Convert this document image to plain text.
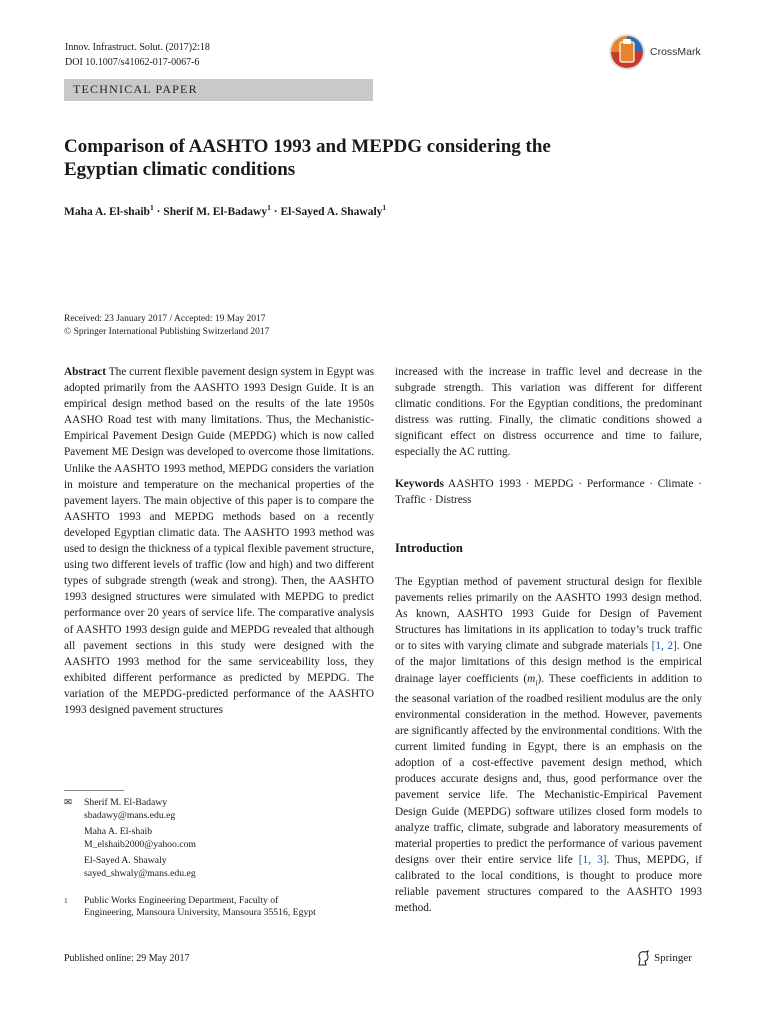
Innov. Infrastruct. Solut. (2017)2:18
DOI 10.1007/s41062-017-0067-6
CrossMark
TECHNICAL PAPER
Comparison of AASHTO 1993 and MEPDG considering the Egyptian climatic conditions
Maha A. El-shaib$^1$ · Sherif M. El-Badawy$^1$ · El-Sayed A. Shawaly$^1$
Received: 23 January 2017 / Accepted: 19 May 2017
© Springer International Publishing Switzerland 2017

Abstract The current flexible pavement design system in Egypt was adopted primarily from the AASHTO 1993 Design Guide. It is an empirical design method based on the results of the late 1950s AASHO Road test with many limitations. Thus, the Mechanistic-Empirical Pavement Design Guide (MEPDG) which is now called Pavement ME Design was developed to overcome those limitations. Unlike the AASHTO 1993 method, MEPDG considers the variation in moisture and temperature on the mechanical properties of the pavement layers. The main objective of this paper is to compare the AASHTO 1993 and MEPDG methods based on a recently developed Egyptian climatic data. The AASHTO 1993 method was used to design the thickness of a typical flexible pavement structure, using two different levels of traffic (low and high) and two different types of subgrade strength (weak and strong). Then, the AASHTO 1993 designed structures were simulated with MEPDG to predict performance over 20 years of service life. The comparative analysis of AASHTO 1993 design guide and MEPDG revealed that although all pavement sections in this study were designed with the AASHTO 1993 method for the same serviceability loss, they exhibited different performance as predicted by MEPDG. The variation of the MEPDG-predicted performance of the AASHTO 1993 designed pavement structures

increased with the increase in traffic level and decrease in the subgrade strength. This variation was different for different climatic conditions. For the Egyptian conditions, the predominant distress was rutting. Finally, the climatic conditions showed a significant effect on distress occurrence and time to failure, especially the AC rutting.

Keywords AASHTO 1993 · MEPDG · Performance · Climate · Traffic · Distress

Introduction

The Egyptian method of pavement structural design for flexible pavements relies primarily on the AASHTO 1993 design method. As known, AASHTO 1993 Guide for Design of Pavement Structures has limitations in its application to today’s truck traffic or to sites with varying climate and subgrade materials [1, 2]. One of the major limitations of this design method is the empirical drainage layer coefficients $(m_i)$. These coefficients in addition to the seasonal variation of the roadbed resilient modulus are the only environmental consideration in the method. However, pavements are significantly affected by the environmental conditions. With the current limited funding in Egypt, there is an emphasis on the adoption of a cost-effective pavement design method, which produces accurate designs and, thus, good performance over the pavement service life. The Mechanistic-Empirical Pavement Design Guide (MEPDG) software utilizes closed form models to analyze traffic, climate, subgrade and laboratory measurements of material properties to predict the performance of various pavement designs over their entire service life [1, 3]. Thus, MEPDG, if calibrated to the local conditions, is thought to produce more reliable pavement structures compared to the AASHTO 1993 method.

✉	Sherif M. El-Badawy
sbadawy@mans.edu.eg
Maha A. El-shaib
M_elshaib2000@yahoo.com
El-Sayed A. Shawaly
sayed_shwaly@mans.edu.eg
1	Public Works Engineering Department, Faculty of
Engineering, Mansoura University, Mansoura 35516, Egypt
Published online: 29 May 2017	Springer
